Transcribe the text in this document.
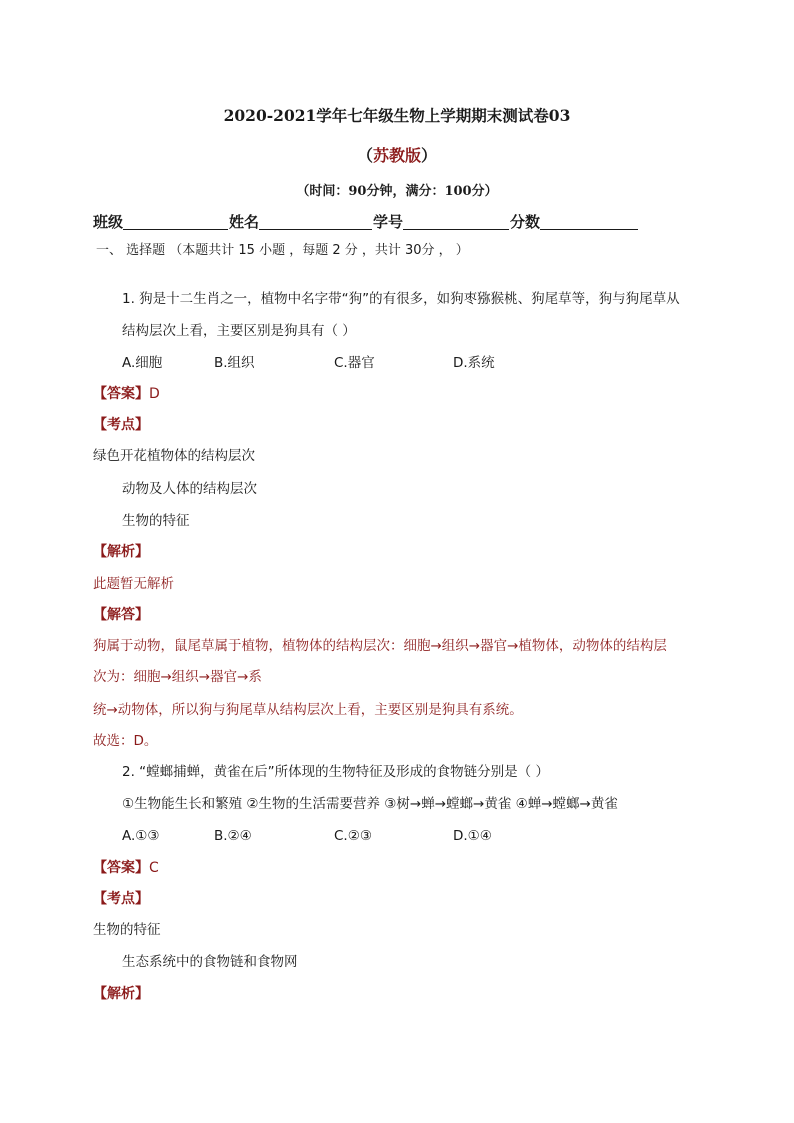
2020-2021学年七年级生物上学期期末测试卷03
（苏教版）
（时间：90分钟，满分：100分）
班级	姓名	学号	分数
一、 选择题 （本题共计 15 小题 ，每题 2 分 ，共计 30分 ， ）
1. 狗是十二生肖之一，植物中名字带“狗”的有很多，如狗枣猕猴桃、狗尾草等，狗与狗尾草从
结构层次上看，主要区别是狗具有（ ）
A.细胞	B.组织	C.器官	D.系统
【答案】D
【考点】
绿色开花植物体的结构层次
动物及人体的结构层次
生物的特征
【解析】
此题暂无解析
【解答】
狗属于动物，鼠尾草属于植物，植物体的结构层次：细胞→组织→器官→植物体，动物体的结构层
次为：细胞→组织→器官→系
统→动物体，所以狗与狗尾草从结构层次上看，主要区别是狗具有系统。
故选：D。
2. “螳螂捕蝉，黄雀在后”所体现的生物特征及形成的食物链分别是（ ）
①生物能生长和繁殖 ②生物的生活需要营养 ③树→蝉→螳螂→黄雀 ④蝉→螳螂→黄雀
A.①③	B.②④	C.②③	D.①④
【答案】C
【考点】
生物的特征
生态系统中的食物链和食物网
【解析】
